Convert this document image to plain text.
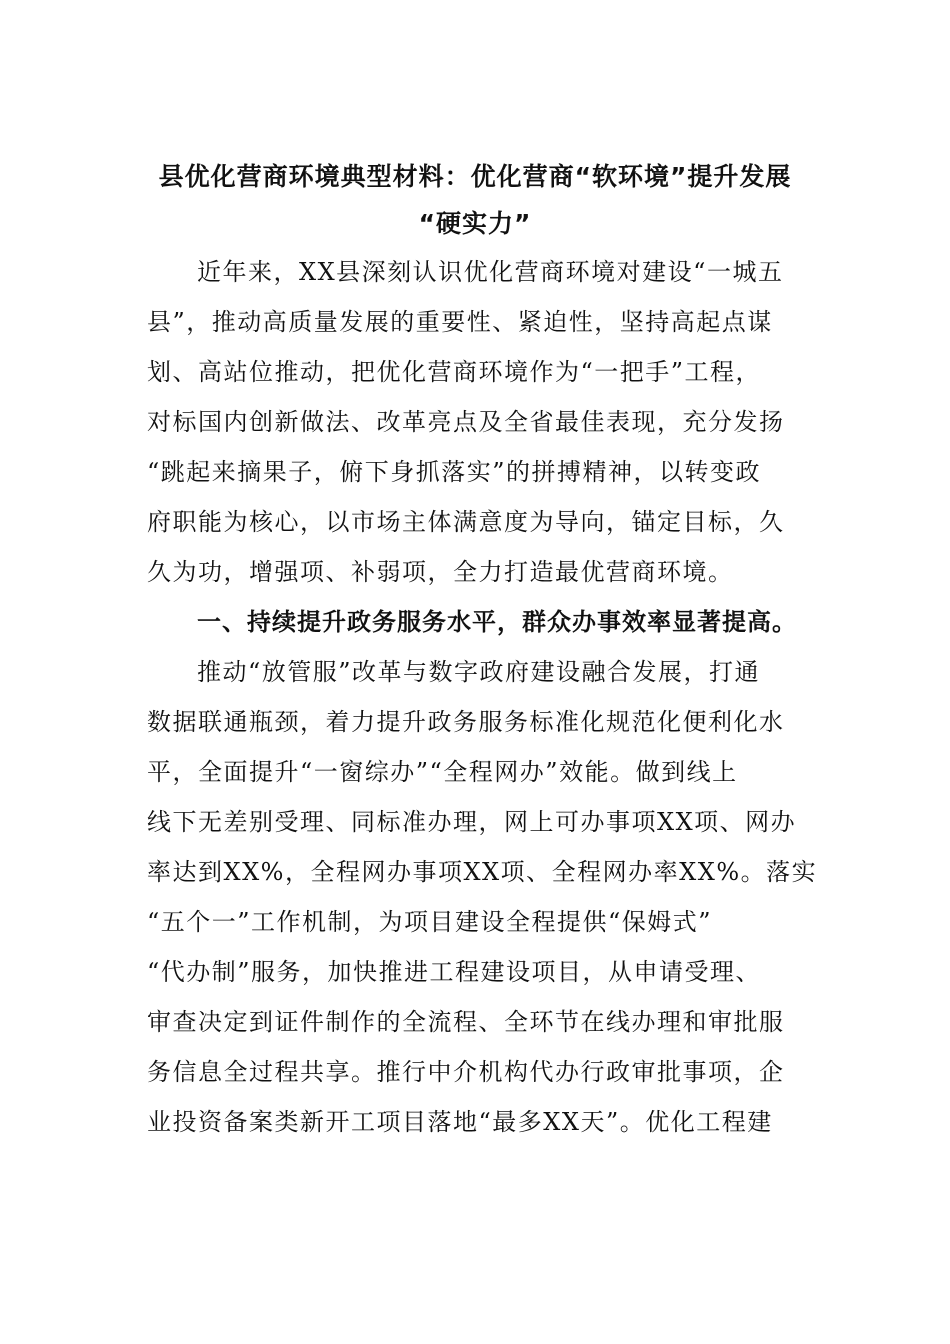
县优化营商环境典型材料：优化营商“软环境”提升发展
“硬实力”

近年来，XX县深刻认识优化营商环境对建设“一城五

县”，推动高质量发展的重要性、紧迫性，坚持高起点谋

划、高站位推动，把优化营商环境作为“一把手”工程，

对标国内创新做法、改革亮点及全省最佳表现，充分发扬

“跳起来摘果子，俯下身抓落实”的拼搏精神，以转变政

府职能为核心，以市场主体满意度为导向，锚定目标，久

久为功，增强项、补弱项，全力打造最优营商环境。

一、持续提升政务服务水平，群众办事效率显著提高。

推动“放管服”改革与数字政府建设融合发展，打通

数据联通瓶颈，着力提升政务服务标准化规范化便利化水

平，全面提升“一窗综办”“全程网办”效能。做到线上

线下无差别受理、同标准办理，网上可办事项XX项、网办

率达到XX%，全程网办事项XX项、全程网办率XX%。落实

“五个一”工作机制，为项目建设全程提供“保姆式”

“代办制”服务，加快推进工程建设项目，从申请受理、

审查决定到证件制作的全流程、全环节在线办理和审批服

务信息全过程共享。推行中介机构代办行政审批事项，企

业投资备案类新开工项目落地“最多XX天”。优化工程建
